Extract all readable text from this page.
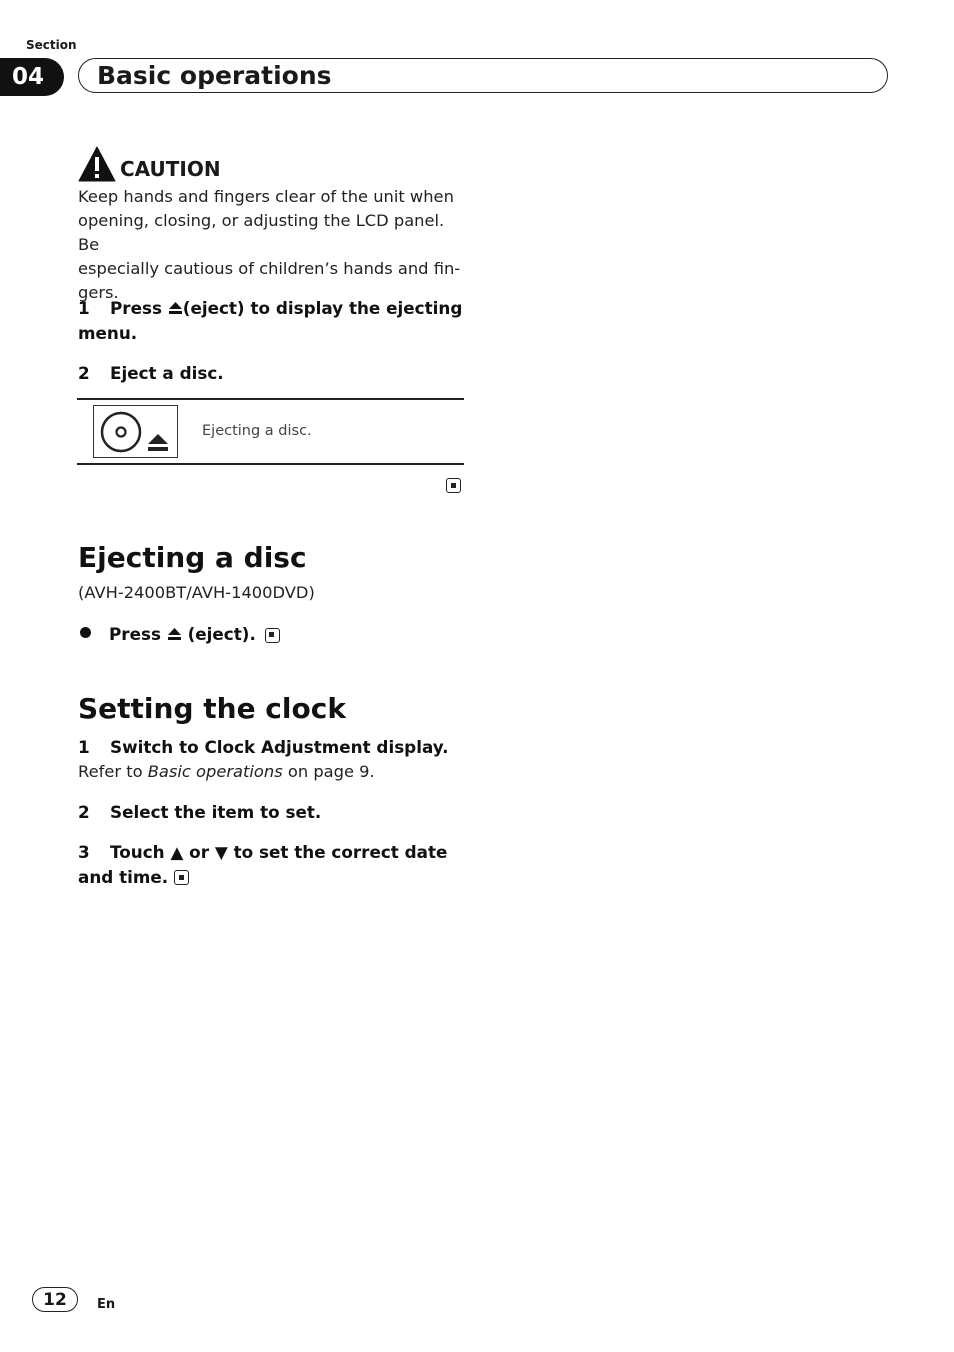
Section
04	Basic operations
CAUTION
Keep hands and fingers clear of the unit when
opening, closing, or adjusting the LCD panel. Be
especially cautious of children’s hands and fin-
gers.
1 Press (eject) to display the ejecting
menu.
2 Eject a disc.
Ejecting a disc.
Ejecting a disc
(AVH-2400BT/AVH-1400DVD)
Press  (eject).
Setting the clock
1 Switch to Clock Adjustment display.
Refer to Basic operations on page 9.
2 Select the item to set.
3 Touch ▲ or ▼ to set the correct date
and time.
12	En
